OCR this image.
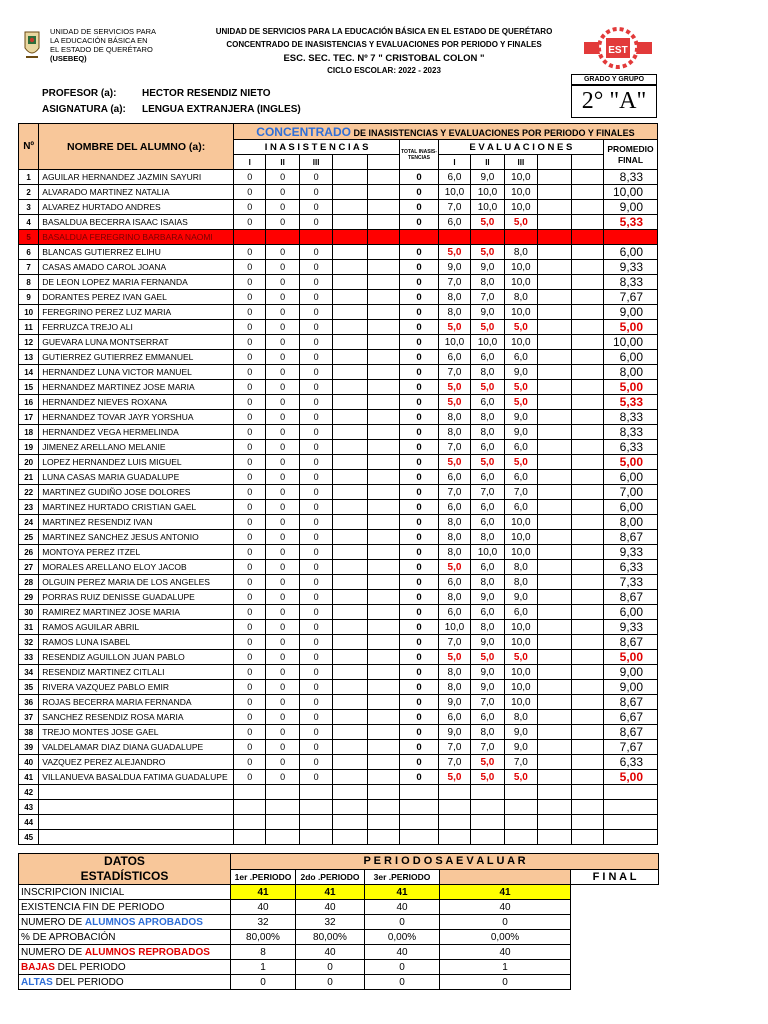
UNIDAD DE SERVICIOS PARA LA EDUCACIÓN BÁSICA EN EL ESTADO DE QUERÉTARO
CONCENTRADO DE INASISTENCIAS Y EVALUACIONES POR PERIODO Y FINALES
ESC. SEC. TEC. Nº 7 " CRISTOBAL COLON "
CICLO ESCOLAR: 2022 - 2023
UNIDAD DE SERVICIOS PARA
LA EDUCACIÓN BÁSICA EN
EL ESTADO DE QUERÉTARO
(USEBEQ)
EST
GRADO Y GRUPO
2° "A"
PROFESOR (a):	HECTOR RESENDIZ NIETO
ASIGNATURA (a): LENGUA EXTRANJERA (INGLES)
Nº	NOMBRE DEL ALUMNO (a):	CONCENTRADO DE INASISTENCIAS Y EVALUACIONES POR PERIODO Y FINALES											
		I N A S I S T E N C I A S					TOTAL INASIS-TENCIAS	E V A L U A C I O N E S					PROMEDIO FINAL
		I	II	III				I	II	III			
1	AGUILAR HERNANDEZ JAZMIN SAYURI	0	0	0			0	6,0	9,0	10,0			8,33
2	ALVARADO MARTINEZ NATALIA	0	0	0			0	10,0	10,0	10,0			10,00
3	ALVAREZ HURTADO ANDRES	0	0	0			0	7,0	10,0	10,0			9,00
4	BASALDUA BECERRA ISAAC ISAIAS	0	0	0			0	6,0	5,0	5,0			5,33
5	BASALDUA FEREGRINO BARBARA NAOMI												
6	BLANCAS GUTIERREZ ELIHU	0	0	0			0	5,0	5,0	8,0			6,00
7	CASAS AMADO CAROL JOANA	0	0	0			0	9,0	9,0	10,0			9,33
8	DE LEON LOPEZ MARIA FERNANDA	0	0	0			0	7,0	8,0	10,0			8,33
9	DORANTES PEREZ IVAN GAEL	0	0	0			0	8,0	7,0	8,0			7,67
10	FEREGRINO PEREZ LUZ MARIA	0	0	0			0	8,0	9,0	10,0			9,00
11	FERRUZCA TREJO ALI	0	0	0			0	5,0	5,0	5,0			5,00
12	GUEVARA LUNA MONTSERRAT	0	0	0			0	10,0	10,0	10,0			10,00
13	GUTIERREZ GUTIERREZ EMMANUEL	0	0	0			0	6,0	6,0	6,0			6,00
14	HERNANDEZ LUNA VICTOR MANUEL	0	0	0			0	7,0	8,0	9,0			8,00
15	HERNANDEZ MARTINEZ JOSE MARIA	0	0	0			0	5,0	5,0	5,0			5,00
16	HERNANDEZ NIEVES ROXANA	0	0	0			0	5,0	6,0	5,0			5,33
17	HERNANDEZ TOVAR JAYR YORSHUA	0	0	0			0	8,0	8,0	9,0			8,33
18	HERNANDEZ VEGA HERMELINDA	0	0	0			0	8,0	8,0	9,0			8,33
19	JIMENEZ ARELLANO MELANIE	0	0	0			0	7,0	6,0	6,0			6,33
20	LOPEZ HERNANDEZ LUIS MIGUEL	0	0	0			0	5,0	5,0	5,0			5,00
21	LUNA CASAS MARIA GUADALUPE	0	0	0			0	6,0	6,0	6,0			6,00
22	MARTINEZ GUDIÑO JOSE DOLORES	0	0	0			0	7,0	7,0	7,0			7,00
23	MARTINEZ HURTADO CRISTIAN GAEL	0	0	0			0	6,0	6,0	6,0			6,00
24	MARTINEZ RESENDIZ IVAN	0	0	0			0	8,0	6,0	10,0			8,00
25	MARTINEZ SANCHEZ JESUS ANTONIO	0	0	0			0	8,0	8,0	10,0			8,67
26	MONTOYA PEREZ ITZEL	0	0	0			0	8,0	10,0	10,0			9,33
27	MORALES ARELLANO ELOY JACOB	0	0	0			0	5,0	6,0	8,0			6,33
28	OLGUIN PEREZ MARIA DE LOS ANGELES	0	0	0			0	6,0	8,0	8,0			7,33
29	PORRAS RUIZ DENISSE GUADALUPE	0	0	0			0	8,0	9,0	9,0			8,67
30	RAMIREZ MARTINEZ JOSE MARIA	0	0	0			0	6,0	6,0	6,0			6,00
31	RAMOS AGUILAR ABRIL	0	0	0			0	10,0	8,0	10,0			9,33
32	RAMOS LUNA ISABEL	0	0	0			0	7,0	9,0	10,0			8,67
33	RESENDIZ AGUILLON JUAN PABLO	0	0	0			0	5,0	5,0	5,0			5,00
34	RESENDIZ MARTINEZ CITLALI	0	0	0			0	8,0	9,0	10,0			9,00
35	RIVERA VAZQUEZ PABLO EMIR	0	0	0			0	8,0	9,0	10,0			9,00
36	ROJAS BECERRA MARIA FERNANDA	0	0	0			0	9,0	7,0	10,0			8,67
37	SANCHEZ RESENDIZ ROSA MARIA	0	0	0			0	6,0	6,0	8,0			6,67
38	TREJO MONTES JOSE GAEL	0	0	0			0	9,0	8,0	9,0			8,67
39	VALDELAMAR DIAZ DIANA GUADALUPE	0	0	0			0	7,0	7,0	9,0			7,67
40	VAZQUEZ PEREZ ALEJANDRO	0	0	0			0	7,0	5,0	7,0			6,33
41	VILLANUEVA BASALDUA FATIMA GUADALUPE	0	0	0			0	5,0	5,0	5,0			5,00
42													
43													
44													
45													
DATOS ESTADÍSTICOS	P E R I O D O S A E V A L U A R				
	1er .PERIODO	2do .PERIODO	3er .PERIODO		F I N A L
INSCRIPCION INICIAL	41	41	41	41	
EXISTENCIA FIN DE PERIODO	40	40	40	40	
NUMERO DE ALUMNOS APROBADOS	32	32	0	0	
% DE APROBACIÓN	80,00%	80,00%	0,00%	0,00%	
NUMERO DE ALUMNOS REPROBADOS	8	40	40	40	
BAJAS DEL PERIODO	1	0	0	1	
ALTAS DEL PERIODO	0	0	0	0	
